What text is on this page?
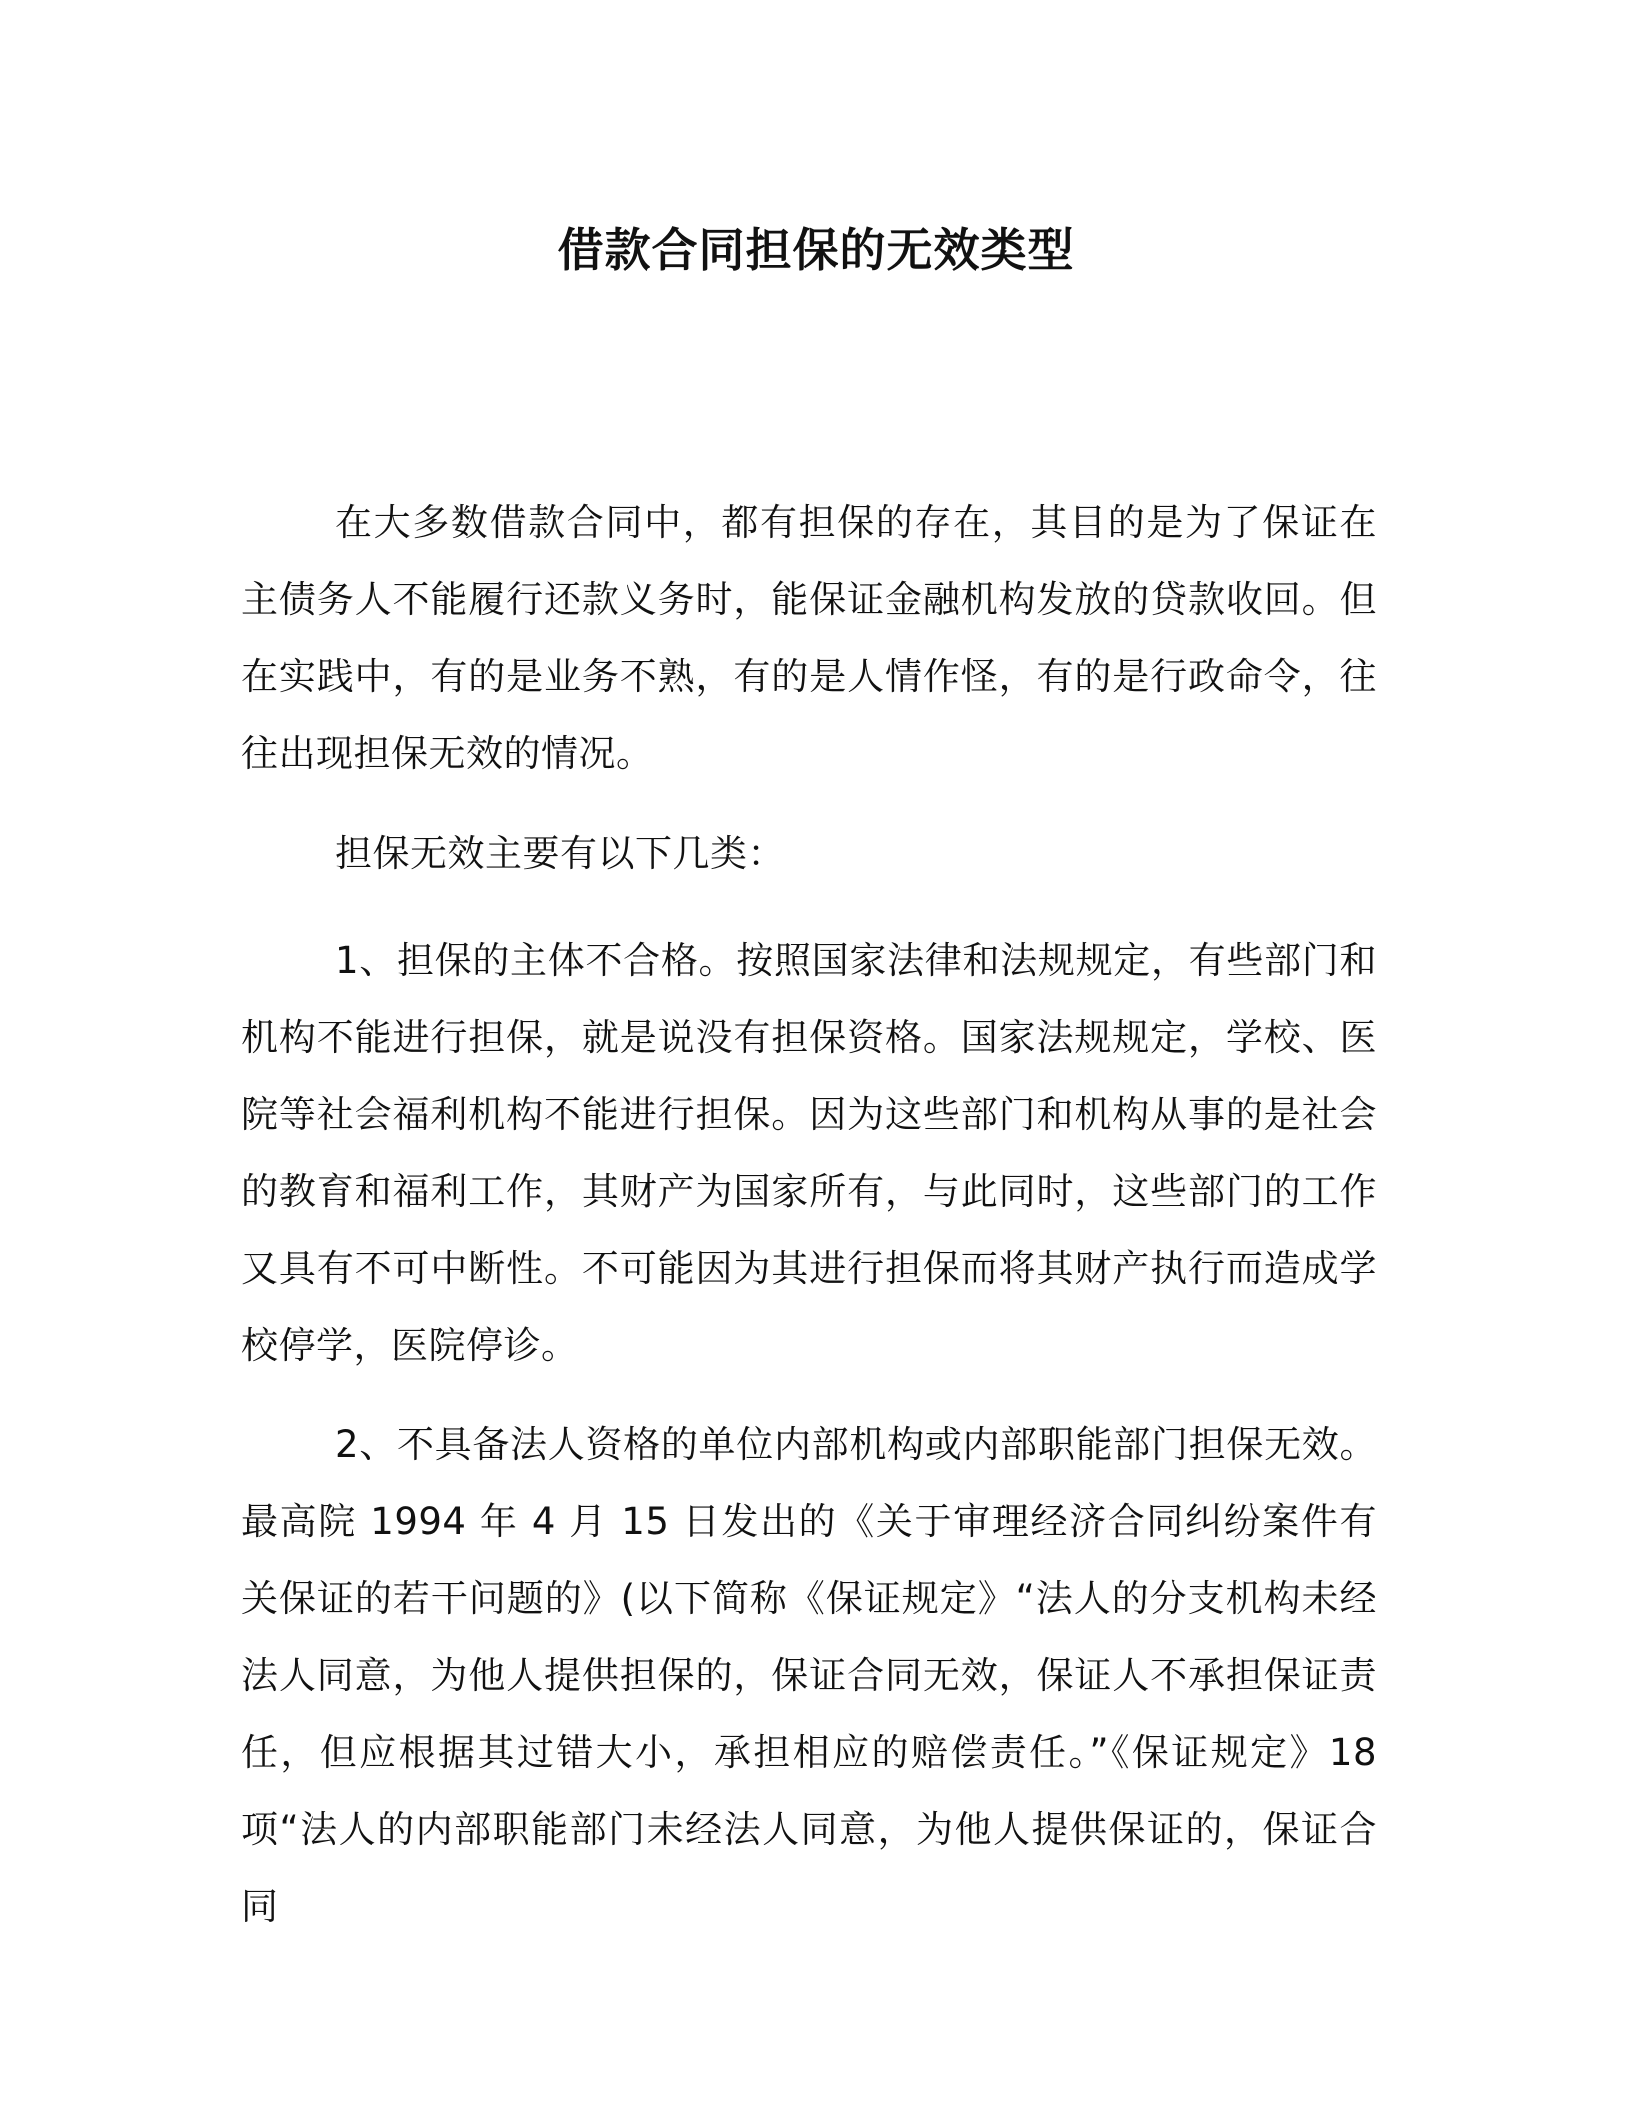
借款合同担保的无效类型

在大多数借款合同中，都有担保的存在，其目的是为了保证在主债务人不能履行还款义务时，能保证金融机构发放的贷款收回。但在实践中，有的是业务不熟，有的是人情作怪，有的是行政命令，往往出现担保无效的情况。

担保无效主要有以下几类：

1、担保的主体不合格。按照国家法律和法规规定，有些部门和机构不能进行担保，就是说没有担保资格。国家法规规定，学校、医院等社会福利机构不能进行担保。因为这些部门和机构从事的是社会的教育和福利工作，其财产为国家所有，与此同时，这些部门的工作又具有不可中断性。不可能因为其进行担保而将其财产执行而造成学校停学，医院停诊。

2、不具备法人资格的单位内部机构或内部职能部门担保无效。最高院 1994 年 4 月 15 日发出的《关于审理经济合同纠纷案件有关保证的若干问题的》(以下简称《保证规定》“法人的分支机构未经法人同意，为他人提供担保的，保证合同无效，保证人不承担保证责任，但应根据其过错大小，承担相应的赔偿责任。”《保证规定》18 项“法人的内部职能部门未经法人同意，为他人提供保证的，保证合同
